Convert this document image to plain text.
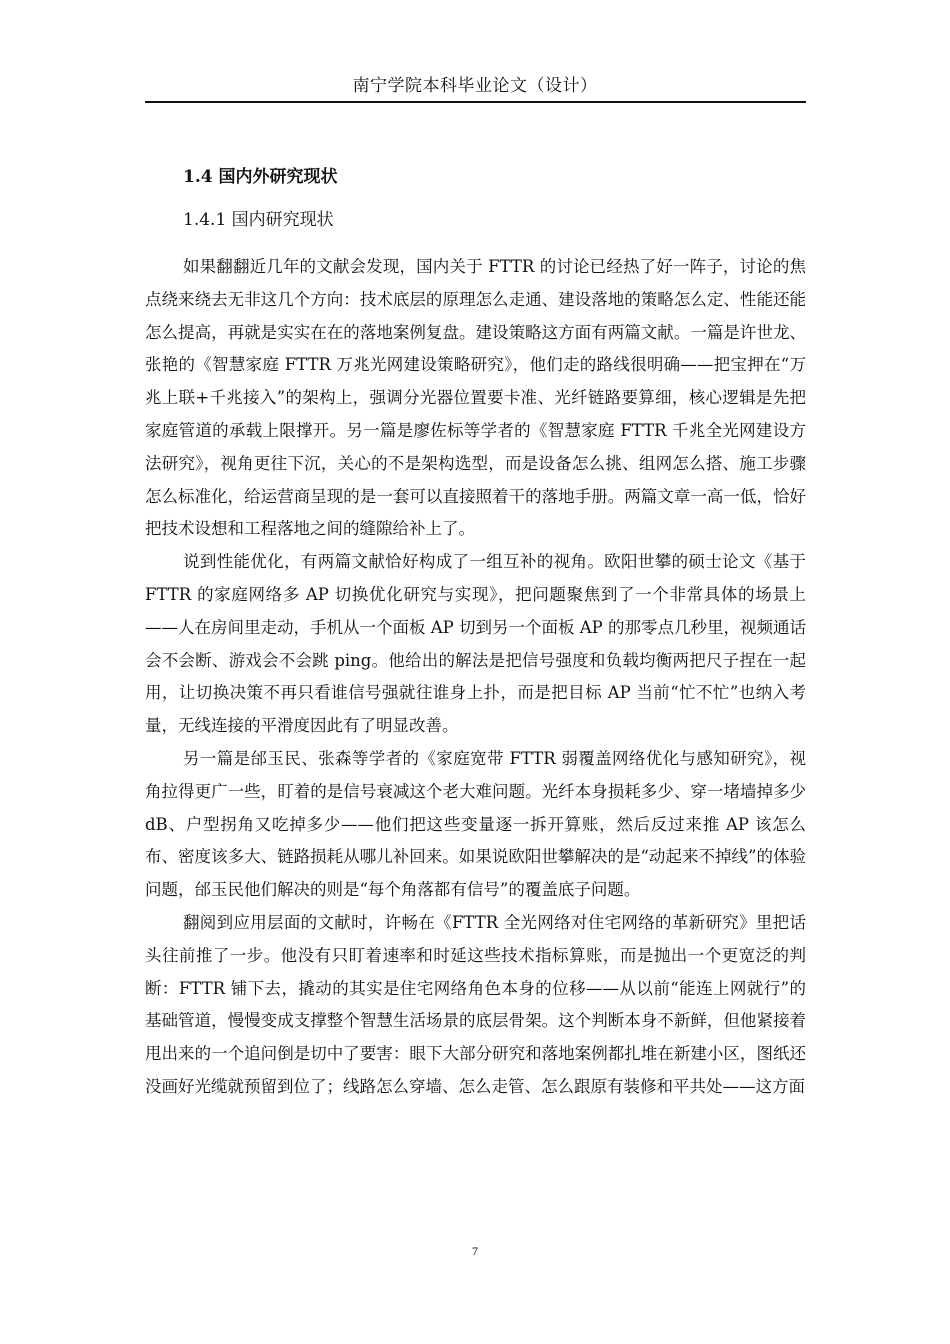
南宁学院本科毕业论文（设计）
1.4 国内外研究现状
1.4.1 国内研究现状

如果翻翻近几年的文献会发现，国内关于 FTTR 的讨论已经热了好一阵子，讨论的焦点绕来绕去无非这几个方向：技术底层的原理怎么走通、建设落地的策略怎么定、性能还能怎么提高，再就是实实在在的落地案例复盘。建设策略这方面有两篇文献。一篇是许世龙、张艳的《智慧家庭 FTTR 万兆光网建设策略研究》，他们走的路线很明确——把宝押在“万兆上联+千兆接入”的架构上，强调分光器位置要卡准、光纤链路要算细，核心逻辑是先把家庭管道的承载上限撑开。另一篇是廖佐标等学者的《智慧家庭 FTTR 千兆全光网建设方法研究》，视角更往下沉，关心的不是架构选型，而是设备怎么挑、组网怎么搭、施工步骤怎么标准化，给运营商呈现的是一套可以直接照着干的落地手册。两篇文章一高一低，恰好把技术设想和工程落地之间的缝隙给补上了。

说到性能优化，有两篇文献恰好构成了一组互补的视角。欧阳世攀的硕士论文《基于 FTTR 的家庭网络多 AP 切换优化研究与实现》，把问题聚焦到了一个非常具体的场景上——人在房间里走动，手机从一个面板 AP 切到另一个面板 AP 的那零点几秒里，视频通话会不会断、游戏会不会跳 ping。他给出的解法是把信号强度和负载均衡两把尺子捏在一起用，让切换决策不再只看谁信号强就往谁身上扑，而是把目标 AP 当前“忙不忙”也纳入考量，无线连接的平滑度因此有了明显改善。

另一篇是邰玉民、张森等学者的《家庭宽带 FTTR 弱覆盖网络优化与感知研究》，视角拉得更广一些，盯着的是信号衰减这个老大难问题。光纤本身损耗多少、穿一堵墙掉多少 dB、户型拐角又吃掉多少——他们把这些变量逐一拆开算账，然后反过来推 AP 该怎么布、密度该多大、链路损耗从哪儿补回来。如果说欧阳世攀解决的是“动起来不掉线”的体验问题，邰玉民他们解决的则是“每个角落都有信号”的覆盖底子问题。

翻阅到应用层面的文献时，许畅在《FTTR 全光网络对住宅网络的革新研究》里把话头往前推了一步。他没有只盯着速率和时延这些技术指标算账，而是抛出一个更宽泛的判断：FTTR 铺下去，撬动的其实是住宅网络角色本身的位移——从以前“能连上网就行”的基础管道，慢慢变成支撑整个智慧生活场景的底层骨架。这个判断本身不新鲜，但他紧接着甩出来的一个追问倒是切中了要害：眼下大部分研究和落地案例都扎堆在新建小区，图纸还没画好光缆就预留到位了；线路怎么穿墙、怎么走管、怎么跟原有装修和平共处——这方面

7
